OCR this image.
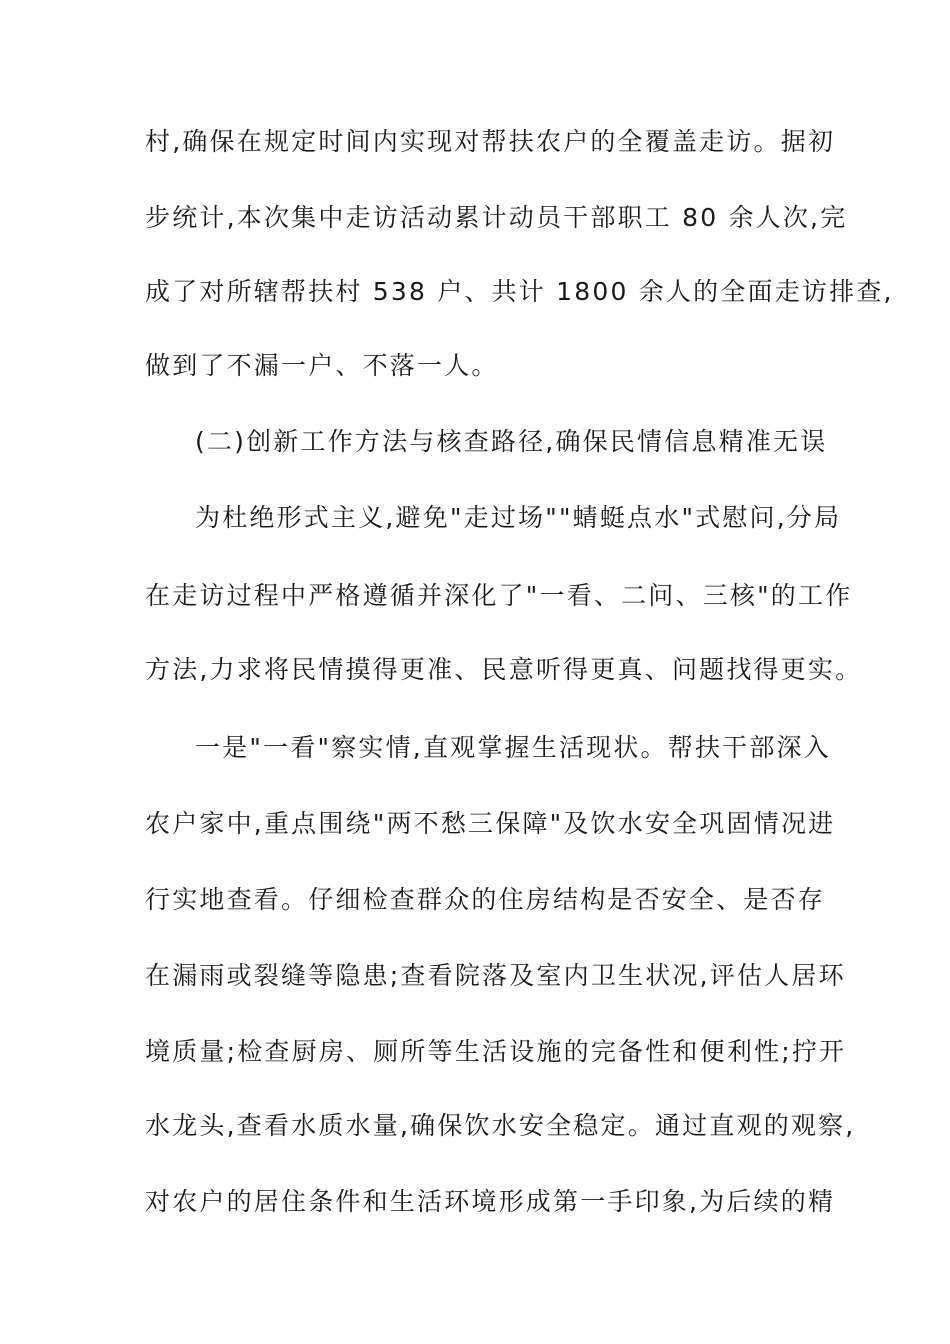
村,确保在规定时间内实现对帮扶农户的全覆盖走访。据初
步统计,本次集中走访活动累计动员干部职工 80 余人次,完
成了对所辖帮扶村 538 户、共计 1800 余人的全面走访排查,
做到了不漏一户、不落一人。
(二)创新工作方法与核查路径,确保民情信息精准无误
为杜绝形式主义,避免"走过场""蜻蜓点水"式慰问,分局
在走访过程中严格遵循并深化了"一看、二问、三核"的工作
方法,力求将民情摸得更准、民意听得更真、问题找得更实。
一是"一看"察实情,直观掌握生活现状。帮扶干部深入
农户家中,重点围绕"两不愁三保障"及饮水安全巩固情况进
行实地查看。仔细检查群众的住房结构是否安全、是否存
在漏雨或裂缝等隐患;查看院落及室内卫生状况,评估人居环
境质量;检查厨房、厕所等生活设施的完备性和便利性;拧开
水龙头,查看水质水量,确保饮水安全稳定。通过直观的观察,
对农户的居住条件和生活环境形成第一手印象,为后续的精
